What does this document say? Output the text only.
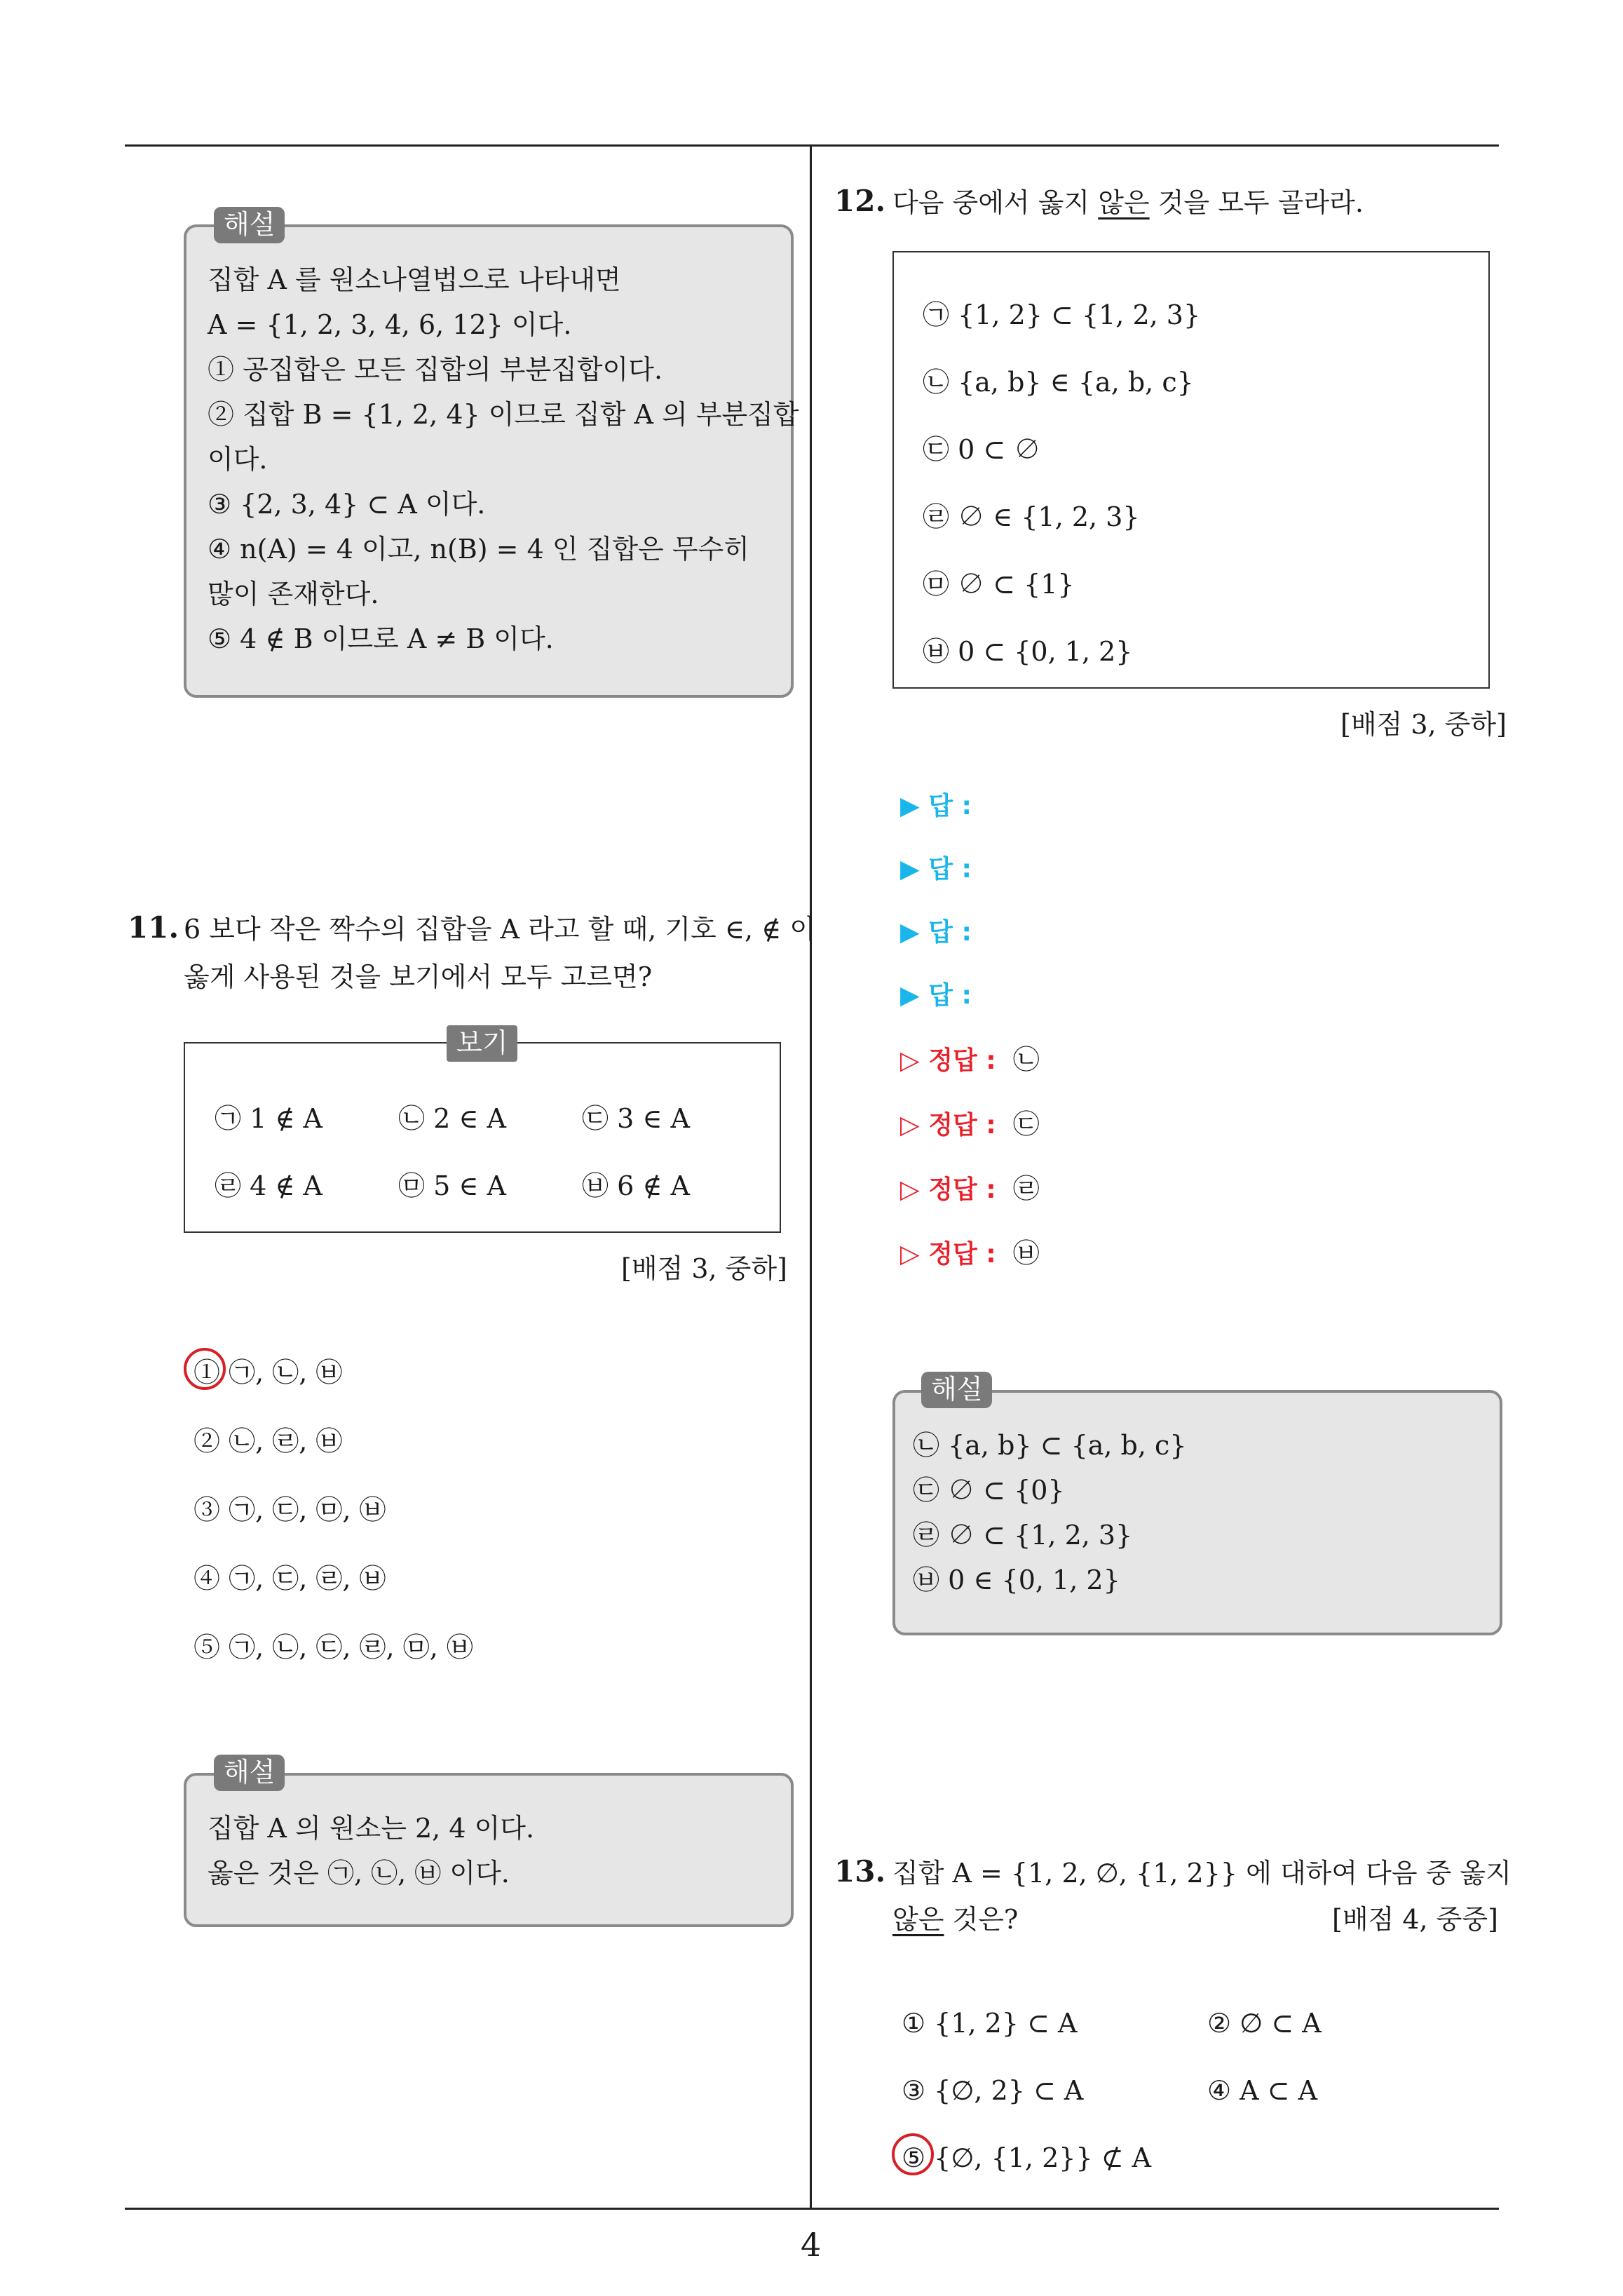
4
해설
집합 A 를 원소나열법으로 나타내면
A = {1, 2, 3, 4, 6, 12} 이다.
① 공집합은 모든 집합의 부분집합이다.
② 집합 B = {1, 2, 4} 이므로 집합 A 의 부분집합
이다.
③ {2, 3, 4} ⊂ A 이다.
④ n(A) = 4 이고, n(B) = 4 인 집합은 무수히
많이 존재한다.
⑤ 4 ∉ B 이므로 A ≠ B 이다.
11. 6 보다 작은 짝수의 집합을 A 라고 할 때, 기호 ∈, ∉ 이
옳게 사용된 것을 보기에서 모두 고르면?
보기
㉠ 1 ∉ A	㉡ 2 ∈ A	㉢ 3 ∈ A
㉣ 4 ∉ A	㉤ 5 ∈ A	㉥ 6 ∉ A
[배점 3, 중하]
① ㉠, ㉡, ㉥
② ㉡, ㉣, ㉥
③ ㉠, ㉢, ㉤, ㉥
④ ㉠, ㉢, ㉣, ㉥
⑤ ㉠, ㉡, ㉢, ㉣, ㉤, ㉥
해설
집합 A 의 원소는 2, 4 이다.
옳은 것은 ㉠, ㉡, ㉥ 이다.
12. 다음 중에서 옳지 않은 것을 모두 골라라.
㉠ {1, 2} ⊂ {1, 2, 3}
㉡ {a, b} ∈ {a, b, c}
㉢ 0 ⊂ ∅
㉣ ∅ ∈ {1, 2, 3}
㉤ ∅ ⊂ {1}
㉥ 0 ⊂ {0, 1, 2}
[배점 3, 중하]
▶ 답 :
▶ 답 :
▶ 답 :
▶ 답 :
▷ 정답 : ㉡
▷ 정답 : ㉢
▷ 정답 : ㉣
▷ 정답 : ㉥
해설
㉡ {a, b} ⊂ {a, b, c}
㉢ ∅ ⊂ {0}
㉣ ∅ ⊂ {1, 2, 3}
㉥ 0 ∈ {0, 1, 2}
13. 집합 A = {1, 2, ∅, {1, 2}} 에 대하여 다음 중 옳지
않은 것은?	[배점 4, 중중]
① {1, 2} ⊂ A	② ∅ ⊂ A
③ {∅, 2} ⊂ A	④ A ⊂ A
⑤ {∅, {1, 2}} ⊄ A
